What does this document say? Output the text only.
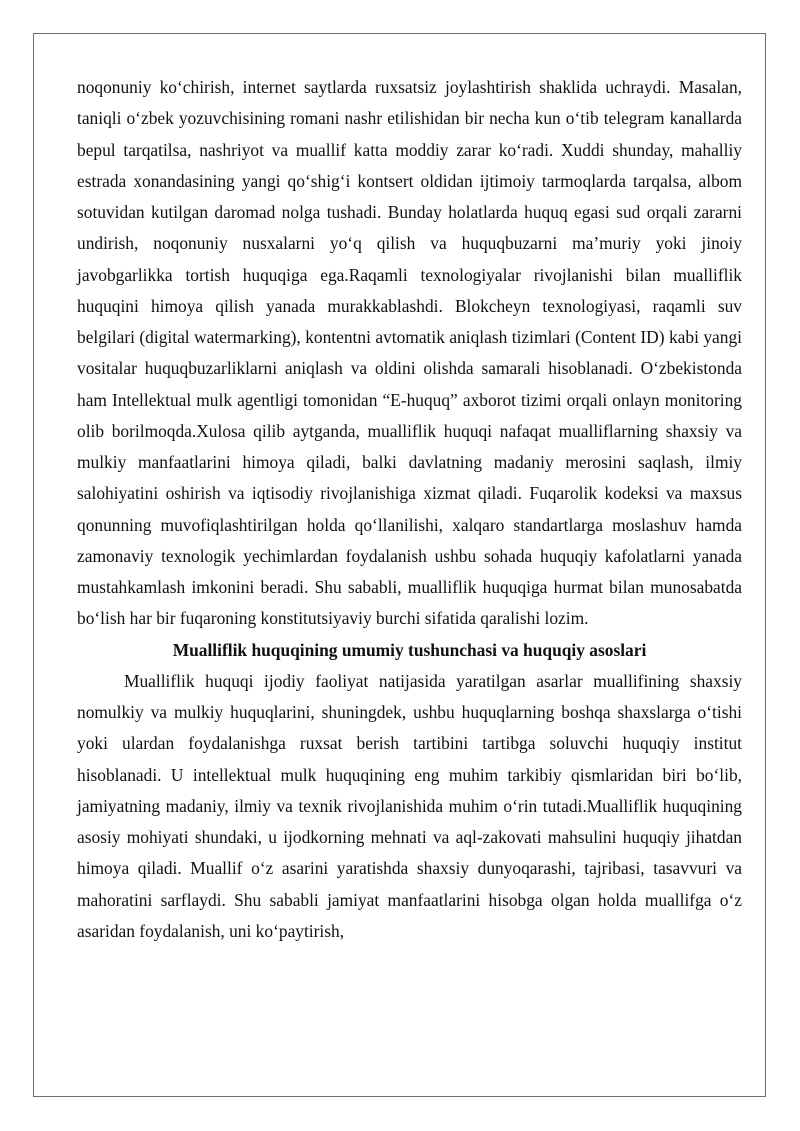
noqonuniy ko‘chirish, internet saytlarda ruxsatsiz joylashtirish shaklida uchraydi. Masalan, taniqli o‘zbek yozuvchisining romani nashr etilishidan bir necha kun o‘tib telegram kanallarda bepul tarqatilsa, nashriyot va muallif katta moddiy zarar ko‘radi. Xuddi shunday, mahalliy estrada xonandasining yangi qo‘shig‘i kontsert oldidan ijtimoiy tarmoqlarda tarqalsa, albom sotuvidan kutilgan daromad nolga tushadi. Bunday holatlarda huquq egasi sud orqali zararni undirish, noqonuniy nusxalarni yo‘q qilish va huquqbuzarni ma’muriy yoki jinoiy javobgarlikka tortish huquqiga ega.Raqamli texnologiyalar rivojlanishi bilan mualliflik huquqini himoya qilish yanada murakkablashdi. Blokcheyn texnologiyasi, raqamli suv belgilari (digital watermarking), kontentni avtomatik aniqlash tizimlari (Content ID) kabi yangi vositalar huquqbuzarliklarni aniqlash va oldini olishda samarali hisoblanadi. O‘zbekistonda ham Intellektual mulk agentligi tomonidan “E-huquq” axborot tizimi orqali onlayn monitoring olib borilmoqda.Xulosa qilib aytganda, mualliflik huquqi nafaqat mualliflarning shaxsiy va mulkiy manfaatlarini himoya qiladi, balki davlatning madaniy merosini saqlash, ilmiy salohiyatini oshirish va iqtisodiy rivojlanishiga xizmat qiladi. Fuqarolik kodeksi va maxsus qonunning muvofiqlashtirilgan holda qo‘llanilishi, xalqaro standartlarga moslashuv hamda zamonaviy texnologik yechimlardan foydalanish ushbu sohada huquqiy kafolatlarni yanada mustahkamlash imkonini beradi. Shu sababli, mualliflik huquqiga hurmat bilan munosabatda bo‘lish har bir fuqaroning konstitutsiyaviy burchi sifatida qaralishi lozim.

Mualliflik huquqining umumiy tushunchasi va huquqiy asoslari

Mualliflik huquqi ijodiy faoliyat natijasida yaratilgan asarlar muallifining shaxsiy nomulkiy va mulkiy huquqlarini, shuningdek, ushbu huquqlarning boshqa shaxslarga o‘tishi yoki ulardan foydalanishga ruxsat berish tartibini tartibga soluvchi huquqiy institut hisoblanadi. U intellektual mulk huquqining eng muhim tarkibiy qismlaridan biri bo‘lib, jamiyatning madaniy, ilmiy va texnik rivojlanishida muhim o‘rin tutadi.Mualliflik huquqining asosiy mohiyati shundaki, u ijodkorning mehnati va aql-zakovati mahsulini huquqiy jihatdan himoya qiladi. Muallif o‘z asarini yaratishda shaxsiy dunyoqarashi, tajribasi, tasavvuri va mahoratini sarflaydi. Shu sababli jamiyat manfaatlarini hisobga olgan holda muallifga o‘z asaridan foydalanish, uni ko‘paytirish,
